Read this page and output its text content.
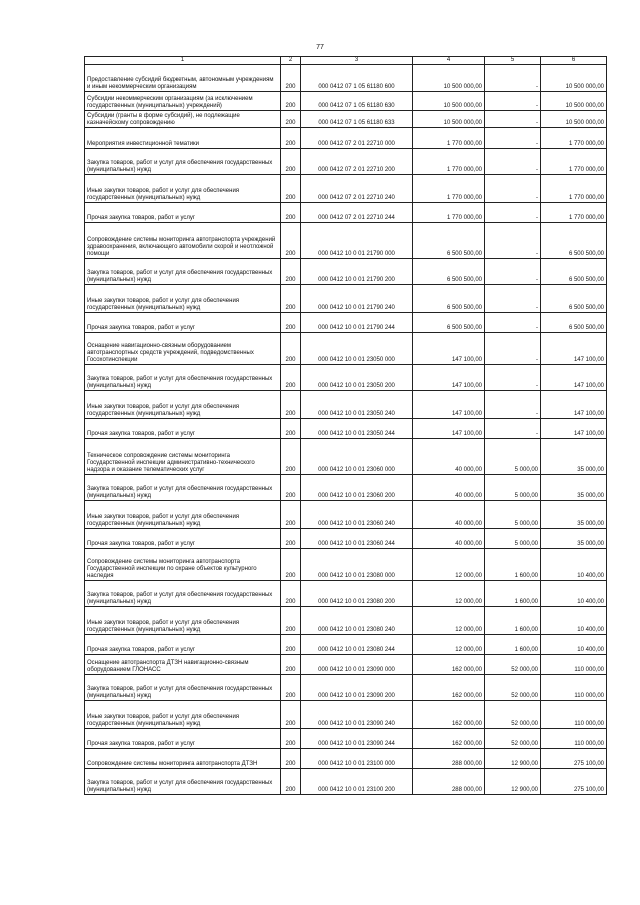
77
1	2	3	4	5	6
Предоставление субсидий бюджетным, автономным учреждениям и иным некоммерческим организациям	200	000 0412 07 1 05 61180 600	10 500 000,00	-	10 500 000,00
Субсидии некоммерческим организациям (за исключением государственных (муниципальных) учреждений)	200	000 0412 07 1 05 61180 630	10 500 000,00	-	10 500 000,00
Субсидии (гранты в форме субсидий), не подлежащие казначейскому сопровождению	200	000 0412 07 1 05 61180 633	10 500 000,00	-	10 500 000,00
Мероприятия инвестиционной тематики	200	000 0412 07 2 01 22710 000	1 770 000,00	-	1 770 000,00
Закупка товаров, работ и услуг для обеспечения государственных (муниципальных) нужд	200	000 0412 07 2 01 22710 200	1 770 000,00	-	1 770 000,00
Иные закупки товаров, работ и услуг для обеспечения государственных (муниципальных) нужд	200	000 0412 07 2 01 22710 240	1 770 000,00	-	1 770 000,00
Прочая закупка товаров, работ и услуг	200	000 0412 07 2 01 22710 244	1 770 000,00	-	1 770 000,00
Сопровождение системы мониторинга автотранспорта учреждений здравоохранения, включающего автомобили скорой и неотложной помощи	200	000 0412 10 0 01 21790 000	6 500 500,00	-	6 500 500,00
Закупка товаров, работ и услуг для обеспечения государственных (муниципальных) нужд	200	000 0412 10 0 01 21790 200	6 500 500,00	-	6 500 500,00
Иные закупки товаров, работ и услуг для обеспечения государственных (муниципальных) нужд	200	000 0412 10 0 01 21790 240	6 500 500,00	-	6 500 500,00
Прочая закупка товаров, работ и услуг	200	000 0412 10 0 01 21790 244	6 500 500,00	-	6 500 500,00
Оснащение навигационно-связным оборудованием автотранспортных средств учреждений, подведомственных Госохотинспекции	200	000 0412 10 0 01 23050 000	147 100,00	-	147 100,00
Закупка товаров, работ и услуг для обеспечения государственных (муниципальных) нужд	200	000 0412 10 0 01 23050 200	147 100,00	-	147 100,00
Иные закупки товаров, работ и услуг для обеспечения государственных (муниципальных) нужд	200	000 0412 10 0 01 23050 240	147 100,00	-	147 100,00
Прочая закупка товаров, работ и услуг	200	000 0412 10 0 01 23050 244	147 100,00	-	147 100,00
Техническое сопровождение системы мониторинга Государственной инспекции административно-технического надзора и оказание телематических услуг	200	000 0412 10 0 01 23060 000	40 000,00	5 000,00	35 000,00
Закупка товаров, работ и услуг для обеспечения государственных (муниципальных) нужд	200	000 0412 10 0 01 23060 200	40 000,00	5 000,00	35 000,00
Иные закупки товаров, работ и услуг для обеспечения государственных (муниципальных) нужд	200	000 0412 10 0 01 23060 240	40 000,00	5 000,00	35 000,00
Прочая закупка товаров, работ и услуг	200	000 0412 10 0 01 23060 244	40 000,00	5 000,00	35 000,00
Сопровождение системы мониторинга автотранспорта Государственной инспекции по охране объектов культурного наследия	200	000 0412 10 0 01 23080 000	12 000,00	1 600,00	10 400,00
Закупка товаров, работ и услуг для обеспечения государственных (муниципальных) нужд	200	000 0412 10 0 01 23080 200	12 000,00	1 600,00	10 400,00
Иные закупки товаров, работ и услуг для обеспечения государственных (муниципальных) нужд	200	000 0412 10 0 01 23080 240	12 000,00	1 600,00	10 400,00
Прочая закупка товаров, работ и услуг	200	000 0412 10 0 01 23080 244	12 000,00	1 600,00	10 400,00
Оснащение автотранспорта ДТЗН навигационно-связным оборудованием ГЛОНАСС	200	000 0412 10 0 01 23090 000	162 000,00	52 000,00	110 000,00
Закупка товаров, работ и услуг для обеспечения государственных (муниципальных) нужд	200	000 0412 10 0 01 23090 200	162 000,00	52 000,00	110 000,00
Иные закупки товаров, работ и услуг для обеспечения государственных (муниципальных) нужд	200	000 0412 10 0 01 23090 240	162 000,00	52 000,00	110 000,00
Прочая закупка товаров, работ и услуг	200	000 0412 10 0 01 23090 244	162 000,00	52 000,00	110 000,00
Сопровождение системы мониторинга автотранспорта ДТЗН	200	000 0412 10 0 01 23100 000	288 000,00	12 900,00	275 100,00
Закупка товаров, работ и услуг для обеспечения государственных (муниципальных) нужд	200	000 0412 10 0 01 23100 200	288 000,00	12 900,00	275 100,00
